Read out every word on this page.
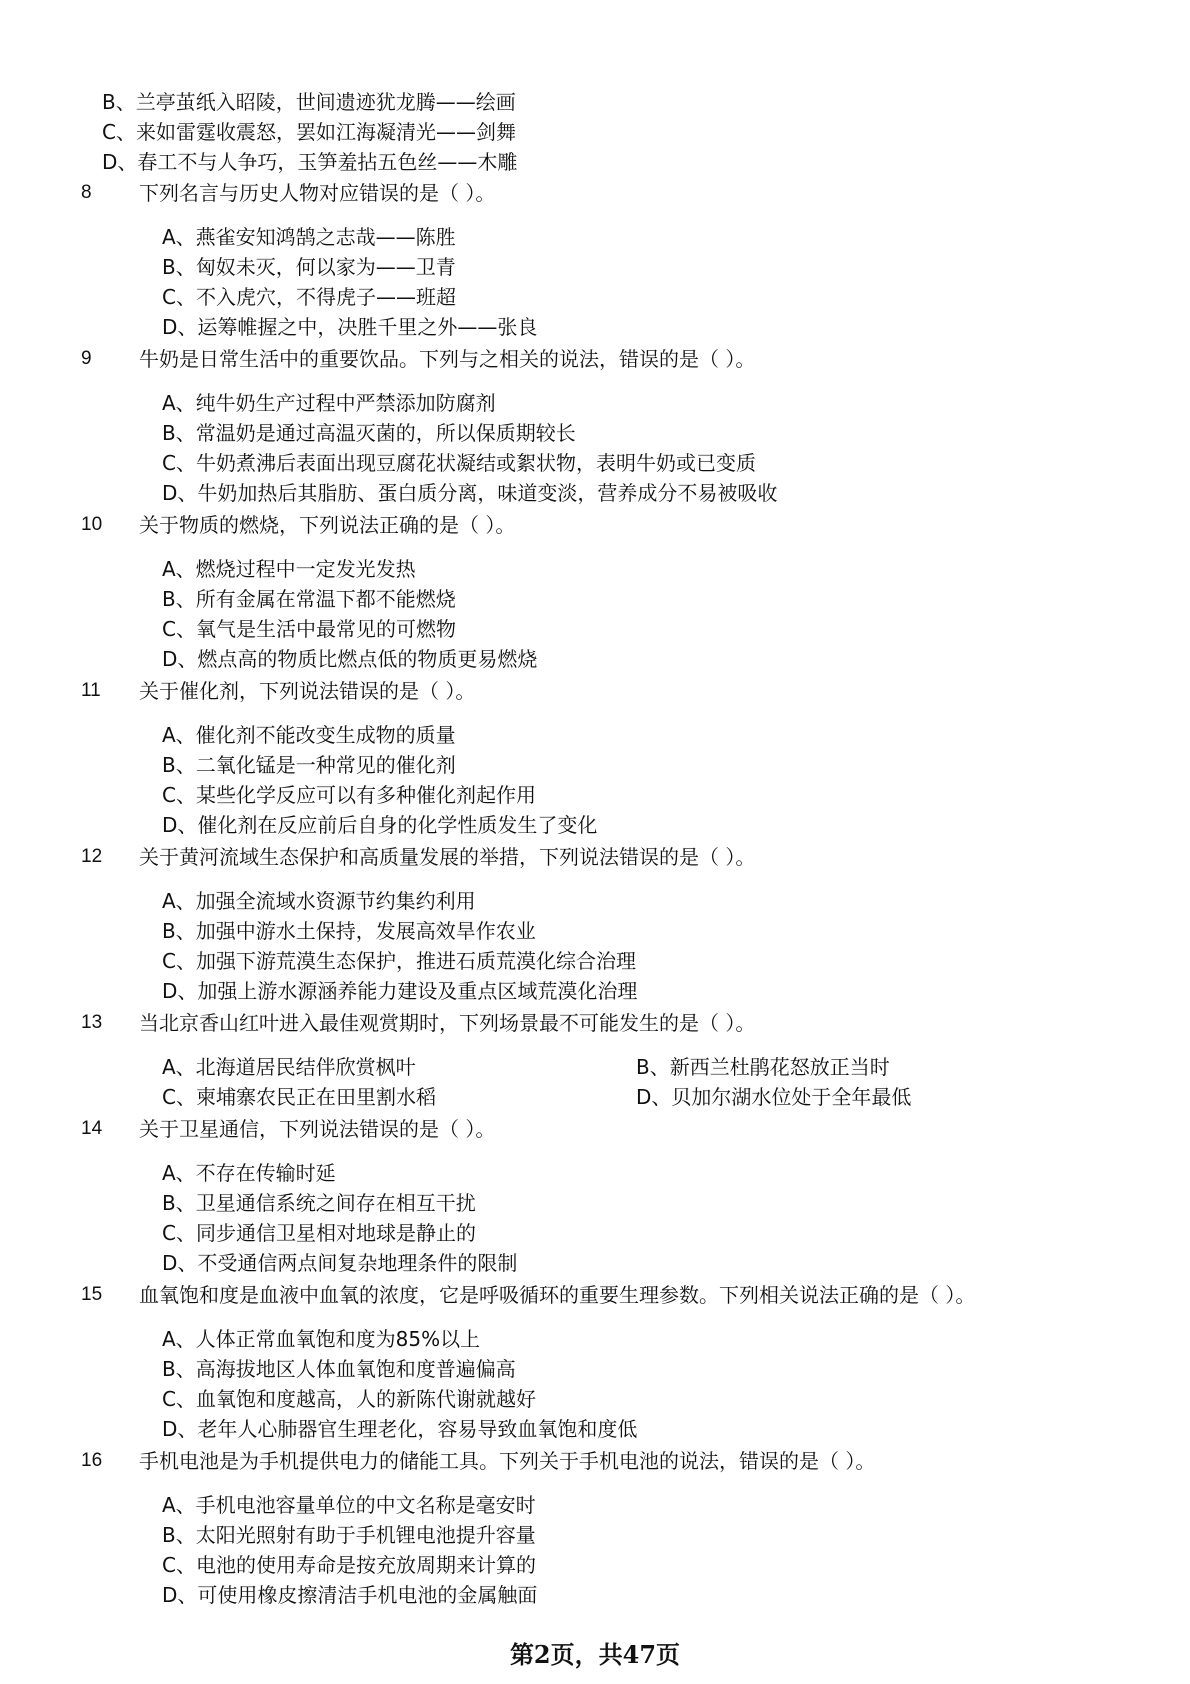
B、兰亭茧纸入昭陵，世间遗迹犹龙腾——绘画
C、来如雷霆收震怒，罢如江海凝清光——剑舞
D、春工不与人争巧，玉笋羞拈五色丝——木雕
8	下列名言与历史人物对应错误的是（ ）。
A、燕雀安知鸿鹄之志哉——陈胜
B、匈奴未灭，何以家为——卫青
C、不入虎穴，不得虎子——班超
D、运筹帷握之中，决胜千里之外——张良
9	牛奶是日常生活中的重要饮品。下列与之相关的说法，错误的是（ ）。
A、纯牛奶生产过程中严禁添加防腐剂
B、常温奶是通过高温灭菌的，所以保质期较长
C、牛奶煮沸后表面出现豆腐花状凝结或絮状物，表明牛奶或已变质
D、牛奶加热后其脂肪、蛋白质分离，味道变淡，营养成分不易被吸收
10	关于物质的燃烧，下列说法正确的是（ ）。
A、燃烧过程中一定发光发热
B、所有金属在常温下都不能燃烧
C、氧气是生活中最常见的可燃物
D、燃点高的物质比燃点低的物质更易燃烧
11	关于催化剂，下列说法错误的是（ ）。
A、催化剂不能改变生成物的质量
B、二氧化锰是一种常见的催化剂
C、某些化学反应可以有多种催化剂起作用
D、催化剂在反应前后自身的化学性质发生了变化
12	关于黄河流域生态保护和高质量发展的举措，下列说法错误的是（ ）。
A、加强全流域水资源节约集约利用
B、加强中游水土保持，发展高效旱作农业
C、加强下游荒漠生态保护，推进石质荒漠化综合治理
D、加强上游水源涵养能力建设及重点区域荒漠化治理
13	当北京香山红叶进入最佳观赏期时，下列场景最不可能发生的是（ ）。
A、北海道居民结伴欣赏枫叶	B、新西兰杜鹃花怒放正当时
C、柬埔寨农民正在田里割水稻	D、贝加尔湖水位处于全年最低
14	关于卫星通信，下列说法错误的是（ ）。
A、不存在传输时延
B、卫星通信系统之间存在相互干扰
C、同步通信卫星相对地球是静止的
D、不受通信两点间复杂地理条件的限制
15	血氧饱和度是血液中血氧的浓度，它是呼吸循环的重要生理参数。下列相关说法正确的是（ ）。
A、人体正常血氧饱和度为85%以上
B、高海拔地区人体血氧饱和度普遍偏高
C、血氧饱和度越高，人的新陈代谢就越好
D、老年人心肺器官生理老化，容易导致血氧饱和度低
16	手机电池是为手机提供电力的储能工具。下列关于手机电池的说法，错误的是（ ）。
A、手机电池容量单位的中文名称是毫安时
B、太阳光照射有助于手机锂电池提升容量
C、电池的使用寿命是按充放周期来计算的
D、可使用橡皮擦清洁手机电池的金属触面
第2页，共47页
